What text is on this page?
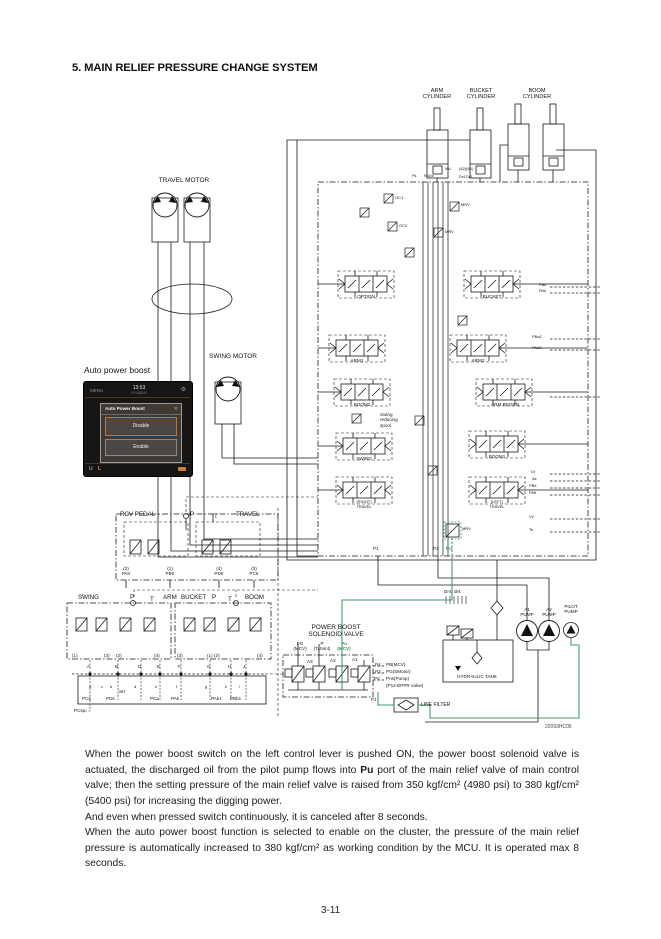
5. MAIN RELIEF PRESSURE CHANGE SYSTEM
ARM
CYLINDER
BUCKET
CYLINDER
BOOM
CYLINDER
TRAVEL MOTOR
SWING MOTOR
Auto power boost
RCV PEDAL	P	T	TRAVEL
(2)
PAtr
(1)
PBtr
(4)
PDtr
(3)
PCtr
SWING	P	T ARM BUCKET P T BOOM
(1)	(3) (2)	(4)	(3)	(1) (2)	(4)
A	B	D	E	F	G	H	J
a c b	d	e	f	g	h	i
PCs	PDs	PCa	PAk	PAb1 PBb1
SH
PCsp
POWER BOOST
SOLENOID VALVE
PG
(MCV)
P
(T/Joint)
Pu
(MCV)
A3	A2	A1
P4
P3
P2
PB(MCV)
PG(SMotor)
Pns(Pump)
(P12-EPPR valve)
P1
LINE FILTER
Dr4, dr4
A1
PUMP
A2
PUMP
PILOT
PUMP
HYDRAULIC TANK
OPTION	BUCKET
ARM1	ARM2
BOOM2	ARM REGEN
SWING	BOOM1
(RIGHT)
TRAVEL
(LEFT)
TRAVEL
Swing
reducing
spool
MRV
MRV
MRV
OC1
OC2
Ps RuDs
MU (A2)(A1)
Dr4 Dr2
P1	P2 Pu
PBk
PAk
PBa2
PAa2
Dr
Ak
PBtl
PAtl
V2
Ts
22093HC06
MENU	13:53
HYUNDAI	⚙
Auto Power Boost	✕
Disable
Enable
U L

When the power boost switch on the left control lever is pushed ON, the power boost solenoid valve is actuated, the discharged oil from the pilot pump flows into Pu port of the main relief valve of main control valve; then the setting pressure of the main relief valve is raised from 350 kgf/cm² (4980 psi) to 380 kgf/cm² (5400 psi) for increasing the digging power.

And even when pressed switch continuously, it is canceled after 8 seconds.

When the auto power boost function is selected to enable on the cluster, the pressure of the main relief pressure is automatically increased to 380 kgf/cm² as working condition by the MCU. It is operated max 8 seconds.

3-11
